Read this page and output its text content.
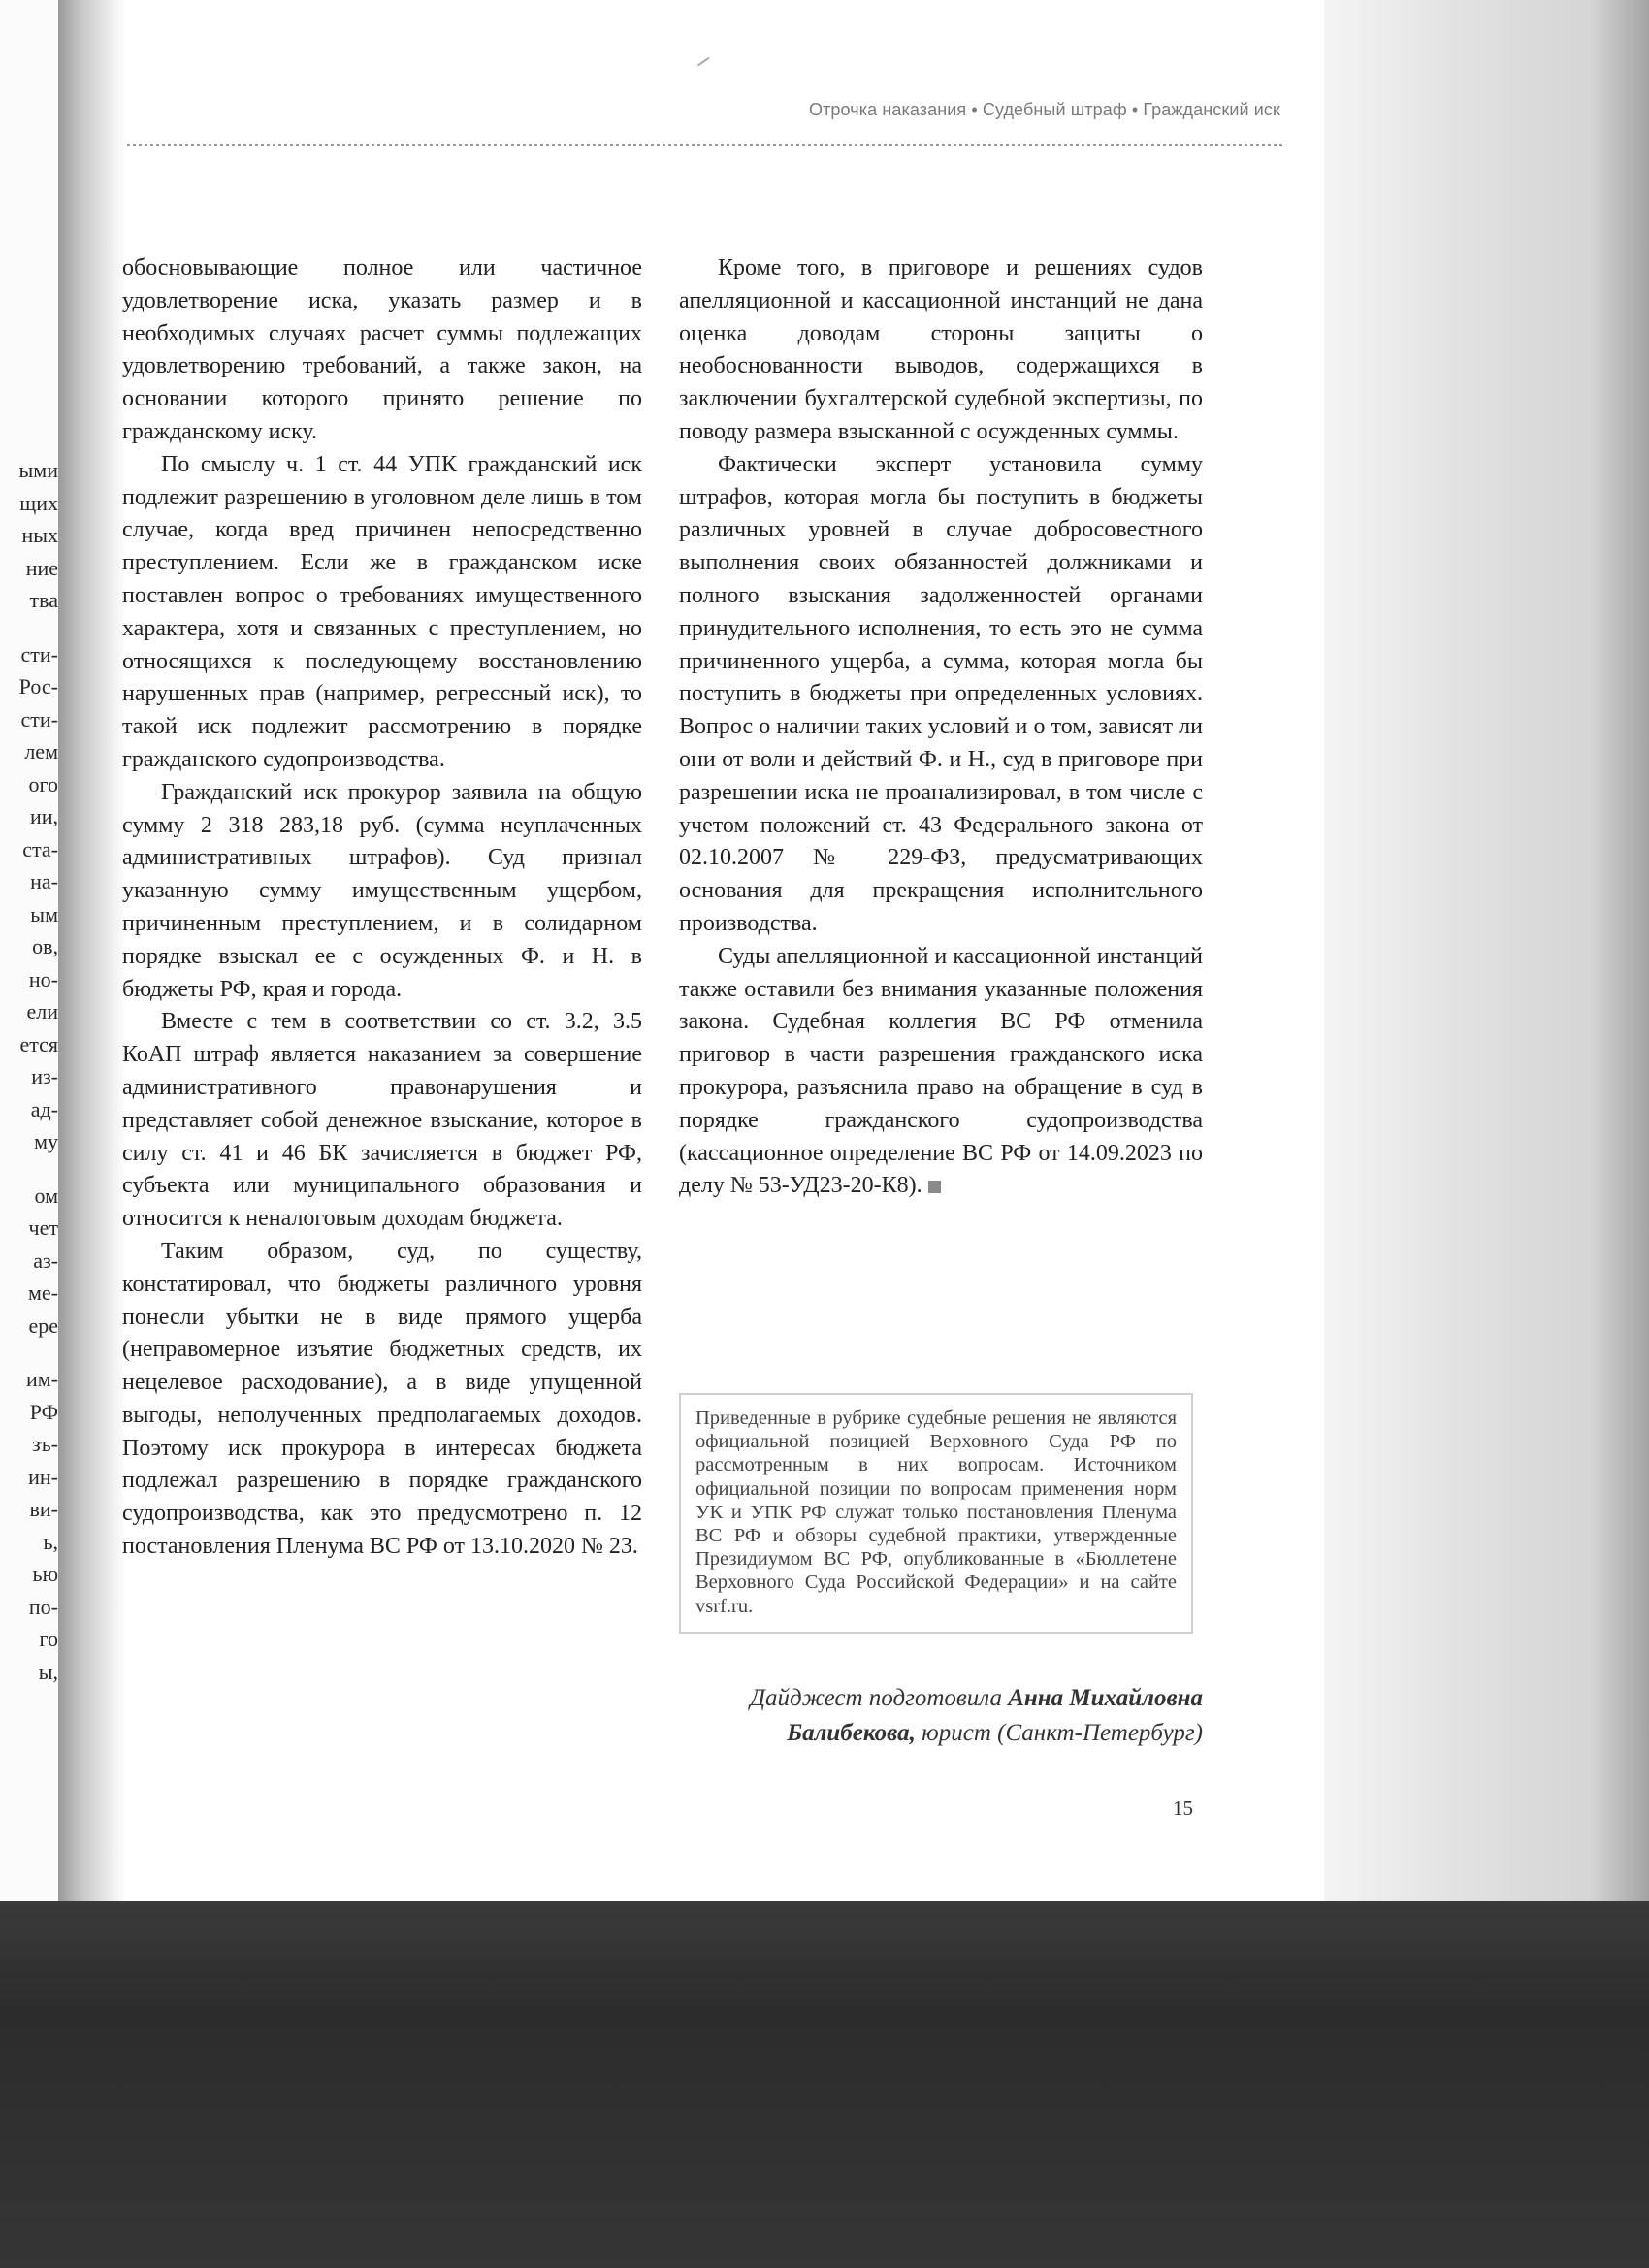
ыми
щих
ных
ние
тва
сти-
Рос-
сти-
лем
ого
ии,
ста-
на-
ым
ов,
но-
ели
ется
из-
ад-
му
ом
чет
аз-
ме-
ере
им-
РФ
зъ-
ин-
ви-
ь,
ью
по-
го
ы,
Отрочка наказания • Судебный штраф • Гражданский иск

обосновывающие полное или частичное удовлетворение иска, указать размер и в необходимых случаях расчет суммы подлежащих удовлетворению требований, а также закон, на основании которого принято решение по гражданскому иску.

По смыслу ч. 1 ст. 44 УПК гражданский иск подлежит разрешению в уголовном деле лишь в том случае, когда вред причинен непосредственно преступлением. Если же в гражданском иске поставлен вопрос о требованиях имущественного характера, хотя и связанных с преступлением, но относящихся к последующему восстановлению нарушенных прав (например, регрессный иск), то такой иск подлежит рассмотрению в порядке гражданского судопроизводства.

Гражданский иск прокурор заявила на общую сумму 2 318 283,18 руб. (сумма неуплаченных административных штрафов). Суд признал указанную сумму имущественным ущербом, причиненным преступлением, и в солидарном порядке взыскал ее с осужденных Ф. и Н. в бюджеты РФ, края и города.

Вместе с тем в соответствии со ст. 3.2, 3.5 КоАП штраф является наказанием за совершение административного правонарушения и представляет собой денежное взыскание, которое в силу ст. 41 и 46 БК зачисляется в бюджет РФ, субъекта или муниципального образования и относится к неналоговым доходам бюджета.

Таким образом, суд, по существу, констатировал, что бюджеты различного уровня понесли убытки не в виде прямого ущерба (неправомерное изъятие бюджетных средств, их нецелевое расходование), а в виде упущенной выгоды, неполученных предполагаемых доходов. Поэтому иск прокурора в интересах бюджета подлежал разрешению в порядке гражданского судопроизводства, как это предусмотрено п. 12 постановления Пленума ВС РФ от 13.10.2020 № 23.

Кроме того, в приговоре и решениях судов апелляционной и кассационной инстанций не дана оценка доводам стороны защиты о необоснованности выводов, содержащихся в заключении бухгалтерской судебной экспертизы, по поводу размера взысканной с осужденных суммы.

Фактически эксперт установила сумму штрафов, которая могла бы поступить в бюджеты различных уровней в случае добросовестного выполнения своих обязанностей должниками и полного взыскания задолженностей органами принудительного исполнения, то есть это не сумма причиненного ущерба, а сумма, которая могла бы поступить в бюджеты при определенных условиях. Вопрос о наличии таких условий и о том, зависят ли они от воли и действий Ф. и Н., суд в приговоре при разрешении иска не проанализировал, в том числе с учетом положений ст. 43 Федерального закона от 02.10.2007 № 229-ФЗ, предусматривающих основания для прекращения исполнительного производства.

Суды апелляционной и кассационной инстанций также оставили без внимания указанные положения закона. Судебная коллегия ВС РФ отменила приговор в части разрешения гражданского иска прокурора, разъяснила право на обращение в суд в порядке гражданского судопроизводства (кассационное определение ВС РФ от 14.09.2023 по делу № 53-УД23-20-К8).

Приведенные в рубрике судебные решения не являются официальной позицией Верховного Суда РФ по рассмотренным в них вопросам. Источником официальной позиции по вопросам применения норм УК и УПК РФ служат только постановления Пленума ВС РФ и обзоры судебной практики, утвержденные Президиумом ВС РФ, опубликованные в «Бюллетене Верховного Суда Российской Федерации» и на сайте vsrf.ru.
Дайджест подготовила Анна Михайловна Балибекова, юрист (Санкт-Петербург)
15
